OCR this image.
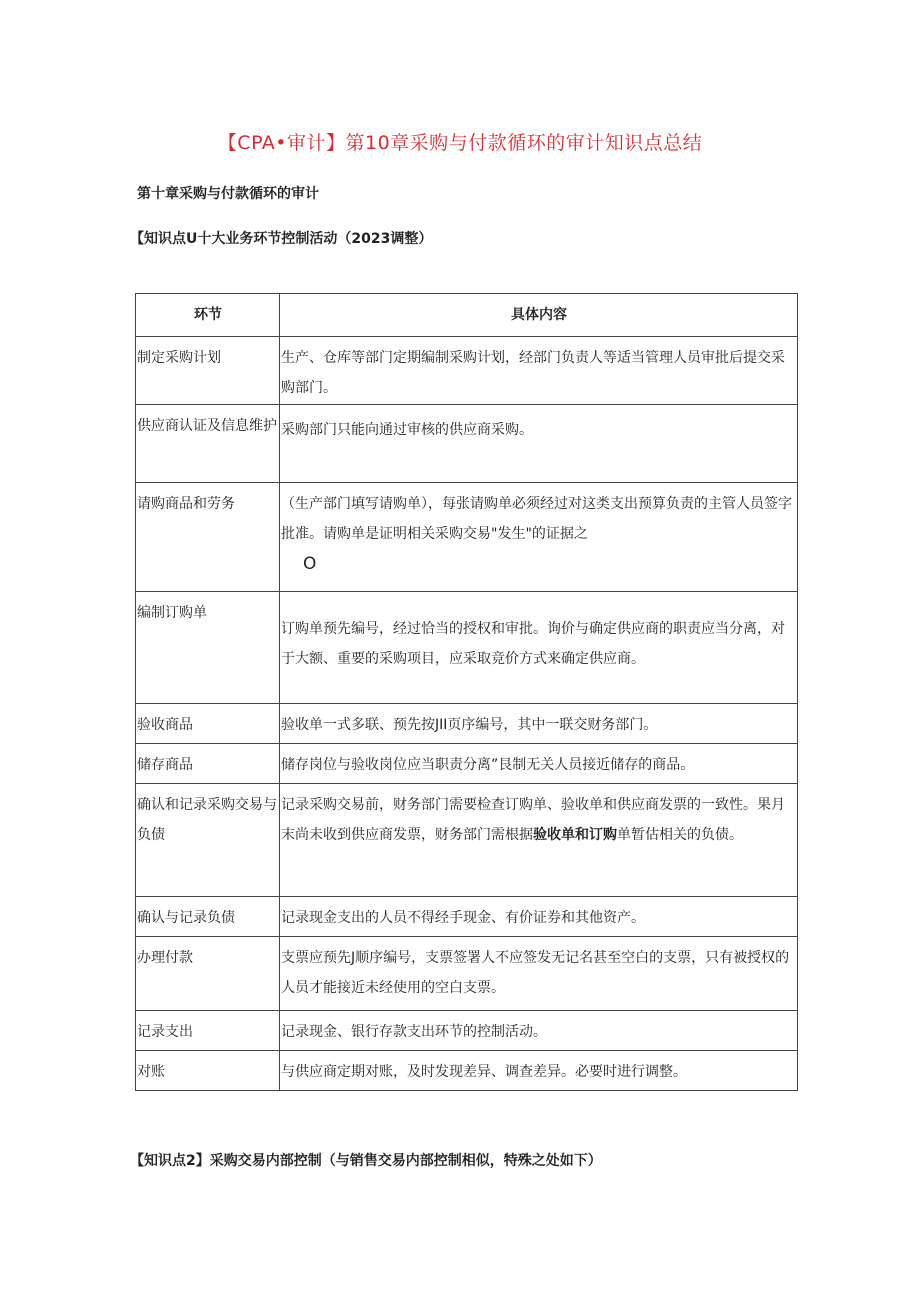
【CPA•审计】第10章采购与付款循环的审计知识点总结
第十章采购与付款循环的审计
【知识点U十大业务环节控制活动（2023调整）
环节	具体内容

制定采购计划	生产、仓库等部门定期编制采购计划，经部门负责人等适当管理人员审批后提交采购部门。

供应商认证及信息维护	采购部门只能向通过审核的供应商采购。

请购商品和劳务	（生产部门填写请购单），每张请购单必须经过对这类支出预算负责的主管人员签字批准。请购单是证明相关采购交易"发生"的证据之
O

编制订购单	订购单预先编号，经过恰当的授权和审批。询价与确定供应商的职责应当分离，对于大额、重要的采购项目，应采取竞价方式来确定供应商。

验收商品	验收单一式多联、预先按JII页序编号，其中一联交财务部门。

储存商品	储存岗位与验收岗位应当职责分离”艮制无关人员接近储存的商品。

确认和记录采购交易与负债	记录采购交易前，财务部门需要检查订购单、验收单和供应商发票的一致性。果月末尚未收到供应商发票，财务部门需根据验收单和订购单暂估相关的负债。

确认与记录负债	记录现金支出的人员不得经手现金、有价证券和其他资产。

办理付款	支票应预先J顺序编号，支票签署人不应签发无记名甚至空白的支票，只有被授权的人员才能接近未经使用的空白支票。

记录支出	记录现金、银行存款支出环节的控制活动。

对账	与供应商定期对账，及时发现差异、调查差异。必要时进行调整。
【知识点2】采购交易内部控制（与销售交易内部控制相似，特殊之处如下）
